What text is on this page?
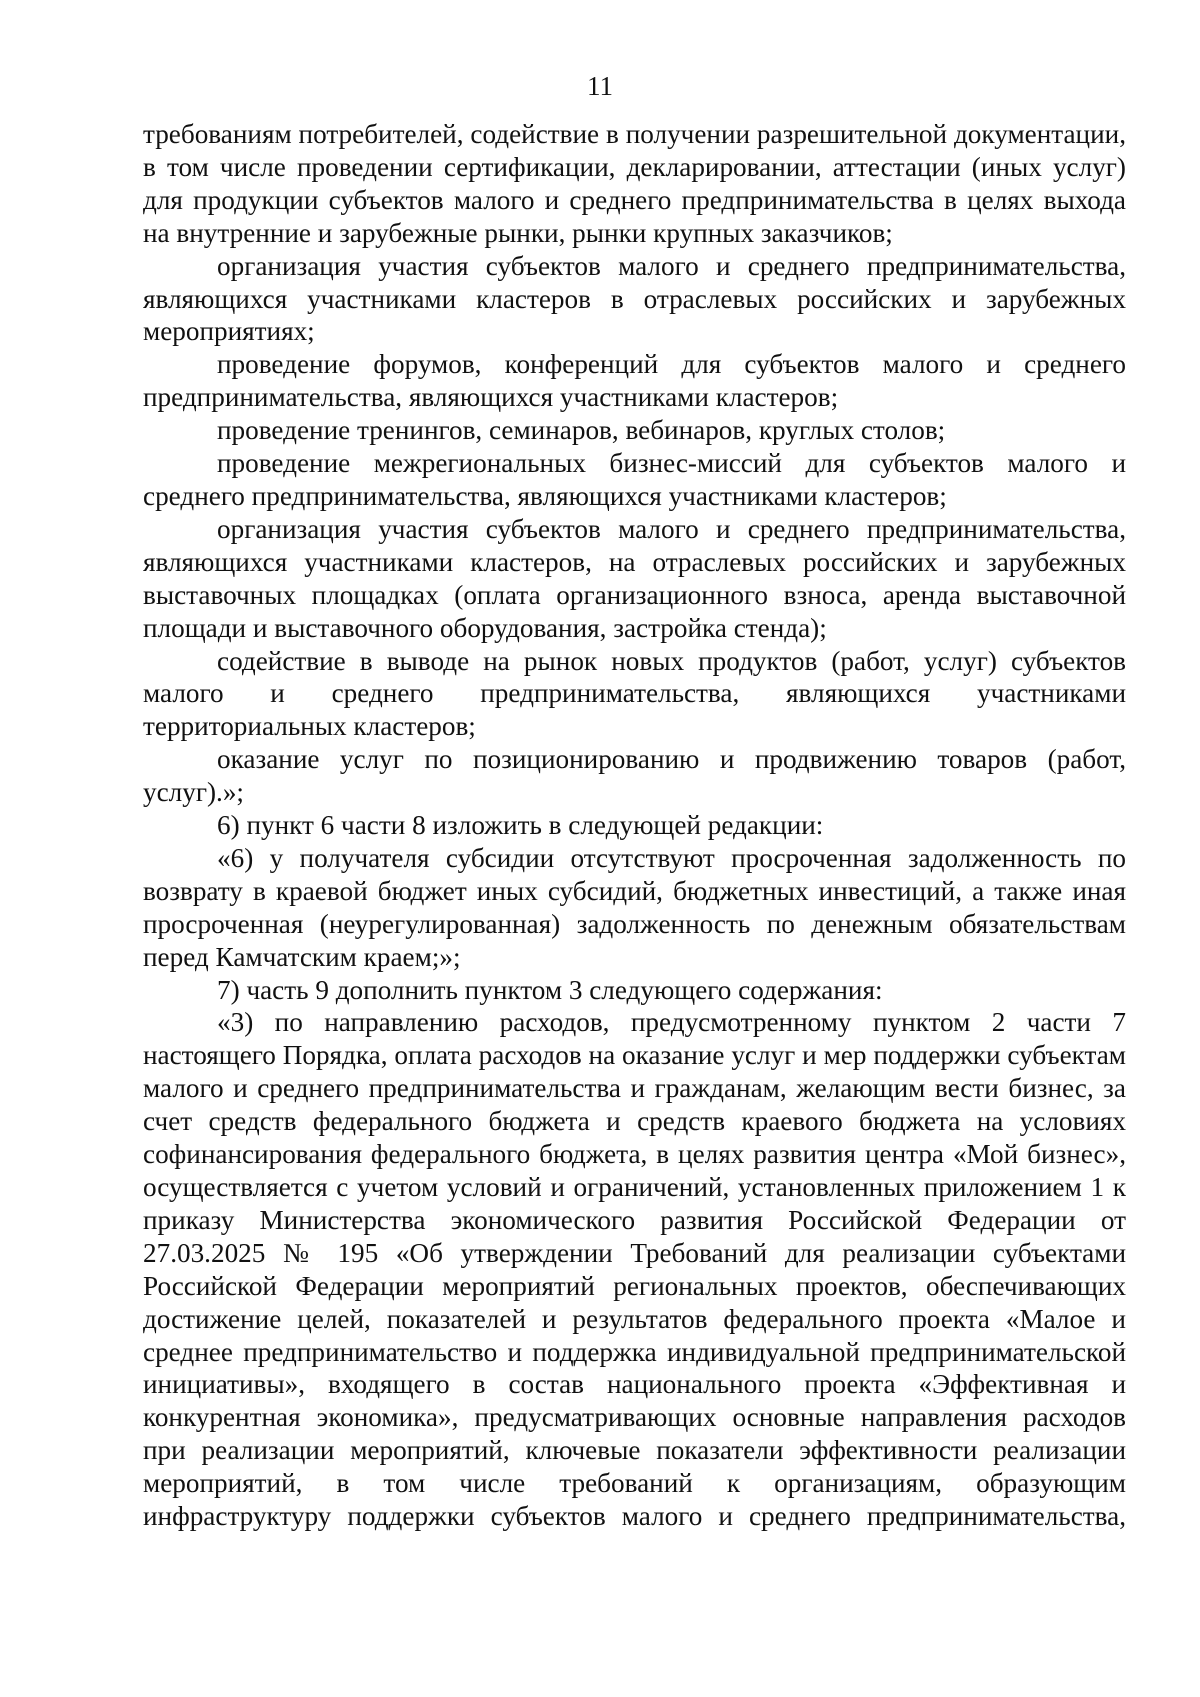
11

требованиям потребителей, содействие в получении разрешительной документации, в том числе проведении сертификации, декларировании, аттестации (иных услуг) для продукции субъектов малого и среднего предпринимательства в целях выхода на внутренние и зарубежные рынки, рынки крупных заказчиков;

организация участия субъектов малого и среднего предпринимательства, являющихся участниками кластеров в отраслевых российских и зарубежных мероприятиях;

проведение форумов, конференций для субъектов малого и среднего предпринимательства, являющихся участниками кластеров;

проведение тренингов, семинаров, вебинаров, круглых столов;

проведение межрегиональных бизнес-миссий для субъектов малого и среднего предпринимательства, являющихся участниками кластеров;

организация участия субъектов малого и среднего предпринимательства, являющихся участниками кластеров, на отраслевых российских и зарубежных выставочных площадках (оплата организационного взноса, аренда выставочной площади и выставочного оборудования, застройка стенда);

содействие в выводе на рынок новых продуктов (работ, услуг) субъектов малого и среднего предпринимательства, являющихся участниками территориальных кластеров;

оказание услуг по позиционированию и продвижению товаров (работ, услуг).»;

6) пункт 6 части 8 изложить в следующей редакции:

«6) у получателя субсидии отсутствуют просроченная задолженность по возврату в краевой бюджет иных субсидий, бюджетных инвестиций, а также иная просроченная (неурегулированная) задолженность по денежным обязательствам перед Камчатским краем;»;

7) часть 9 дополнить пунктом 3 следующего содержания:

«3) по направлению расходов, предусмотренному пунктом 2 части 7 настоящего Порядка, оплата расходов на оказание услуг и мер поддержки субъектам малого и среднего предпринимательства и гражданам, желающим вести бизнес, за счет средств федерального бюджета и средств краевого бюджета на условиях софинансирования федерального бюджета, в целях развития центра «Мой бизнес», осуществляется с учетом условий и ограничений, установленных приложением 1 к приказу Министерства экономического развития Российской Федерации от 27.03.2025 № 195 «Об утверждении Требований для реализации субъектами Российской Федерации мероприятий региональных проектов, обеспечивающих достижение целей, показателей и результатов федерального проекта «Малое и среднее предпринимательство и поддержка индивидуальной предпринимательской инициативы», входящего в состав национального проекта «Эффективная и конкурентная экономика», предусматривающих основные направления расходов при реализации мероприятий, ключевые показатели эффективности реализации мероприятий, в том числе требований к организациям, образующим инфраструктуру поддержки субъектов малого и среднего предпринимательства,
